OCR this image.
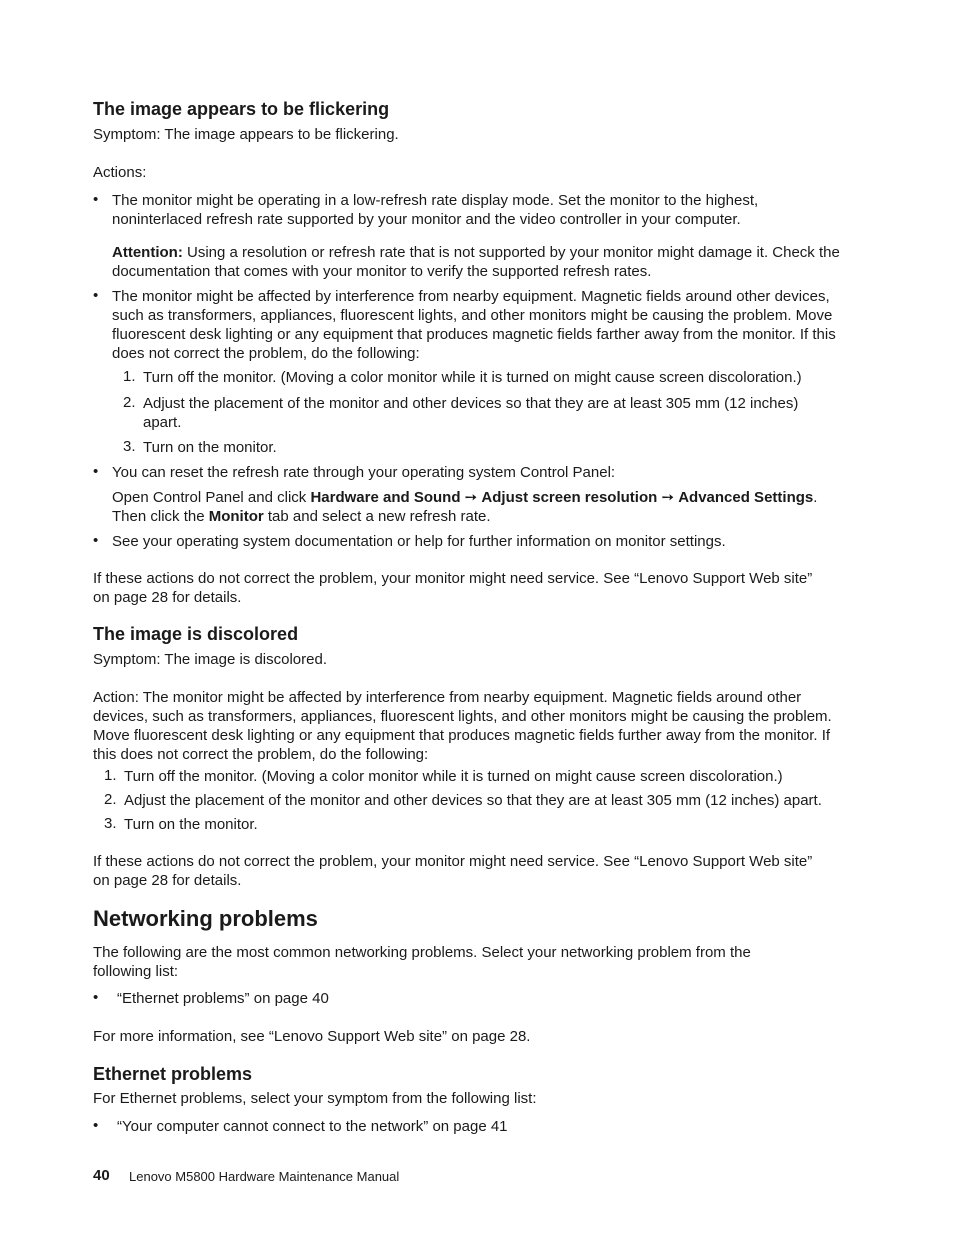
The image appears to be flickering
Symptom: The image appears to be flickering.
Actions:
• The monitor might be operating in a low-refresh rate display mode. Set the monitor to the highest, noninterlaced refresh rate supported by your monitor and the video controller in your computer.
Attention: Using a resolution or refresh rate that is not supported by your monitor might damage it. Check the documentation that comes with your monitor to verify the supported refresh rates.
• The monitor might be affected by interference from nearby equipment. Magnetic fields around other devices, such as transformers, appliances, fluorescent lights, and other monitors might be causing the problem. Move fluorescent desk lighting or any equipment that produces magnetic fields farther away from the monitor. If this does not correct the problem, do the following:
1. Turn off the monitor. (Moving a color monitor while it is turned on might cause screen discoloration.)
2. Adjust the placement of the monitor and other devices so that they are at least 305 mm (12 inches) apart.
3. Turn on the monitor.
• You can reset the refresh rate through your operating system Control Panel:
Open Control Panel and click Hardware and Sound ➙ Adjust screen resolution ➙ Advanced Settings.
Then click the Monitor tab and select a new refresh rate.
• See your operating system documentation or help for further information on monitor settings.
If these actions do not correct the problem, your monitor might need service. See “Lenovo Support Web site” on page 28 for details.
The image is discolored
Symptom: The image is discolored.
Action: The monitor might be affected by interference from nearby equipment. Magnetic fields around other devices, such as transformers, appliances, fluorescent lights, and other monitors might be causing the problem. Move fluorescent desk lighting or any equipment that produces magnetic fields further away from the monitor. If this does not correct the problem, do the following:
1. Turn off the monitor. (Moving a color monitor while it is turned on might cause screen discoloration.)
2. Adjust the placement of the monitor and other devices so that they are at least 305 mm (12 inches) apart.
3. Turn on the monitor.
If these actions do not correct the problem, your monitor might need service. See “Lenovo Support Web site” on page 28 for details.
Networking problems
The following are the most common networking problems. Select your networking problem from the following list:
• “Ethernet problems” on page 40
For more information, see “Lenovo Support Web site” on page 28.
Ethernet problems
For Ethernet problems, select your symptom from the following list:
• “Your computer cannot connect to the network” on page 41
40 Lenovo M5800 Hardware Maintenance Manual
